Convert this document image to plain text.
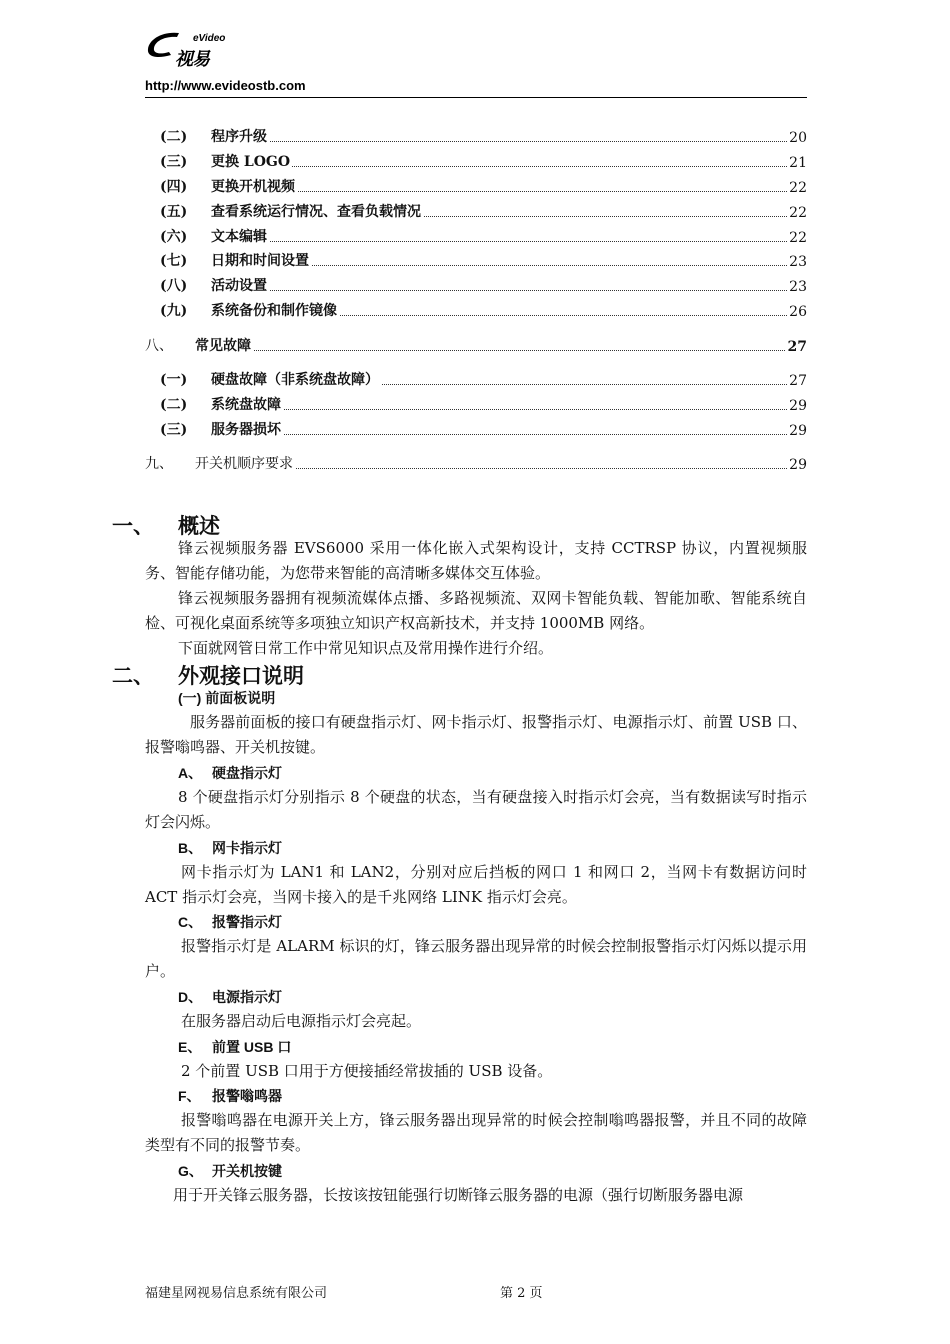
eVideo
视易
http://www.evideostb.com
(二) 程序升级	20
(三) 更换 LOGO	21
(四) 更换开机视频	22
(五) 查看系统运行情况、查看负载情况	22
(六) 文本编辑	22
(七) 日期和时间设置	23
(八) 活动设置	23
(九) 系统备份和制作镜像	26
八、 常见故障	27
(一) 硬盘故障（非系统盘故障）	27
(二) 系统盘故障	29
(三) 服务器损坏	29
九、 开关机顺序要求	29
一、 概述
锋云视频服务器 EVS6000 采用一体化嵌入式架构设计，支持 CCTRSP 协议，内置视频服务、智能存储功能，为您带来智能的高清晰多媒体交互体验。
锋云视频服务器拥有视频流媒体点播、多路视频流、双网卡智能负载、智能加歌、智能系统自检、可视化桌面系统等多项独立知识产权高新技术，并支持 1000MB 网络。
下面就网管日常工作中常见知识点及常用操作进行介绍。
二、 外观接口说明
(一) 前面板说明
服务器前面板的接口有硬盘指示灯、网卡指示灯、报警指示灯、电源指示灯、前置 USB 口、报警嗡鸣器、开关机按键。
A、 硬盘指示灯
8 个硬盘指示灯分别指示 8 个硬盘的状态，当有硬盘接入时指示灯会亮，当有数据读写时指示灯会闪烁。
B、 网卡指示灯
网卡指示灯为 LAN1 和 LAN2，分别对应后挡板的网口 1 和网口 2，当网卡有数据访问时 ACT 指示灯会亮，当网卡接入的是千兆网络 LINK 指示灯会亮。
C、 报警指示灯
报警指示灯是 ALARM 标识的灯，锋云服务器出现异常的时候会控制报警指示灯闪烁以提示用户。
D、 电源指示灯
在服务器启动后电源指示灯会亮起。
E、 前置 USB 口
2 个前置 USB 口用于方便接插经常拔插的 USB 设备。
F、 报警嗡鸣器
报警嗡鸣器在电源开关上方，锋云服务器出现异常的时候会控制嗡鸣器报警，并且不同的故障类型有不同的报警节奏。
G、 开关机按键
用于开关锋云服务器，长按该按钮能强行切断锋云服务器的电源（强行切断服务器电源
福建星网视易信息系统有限公司	第 2 页
